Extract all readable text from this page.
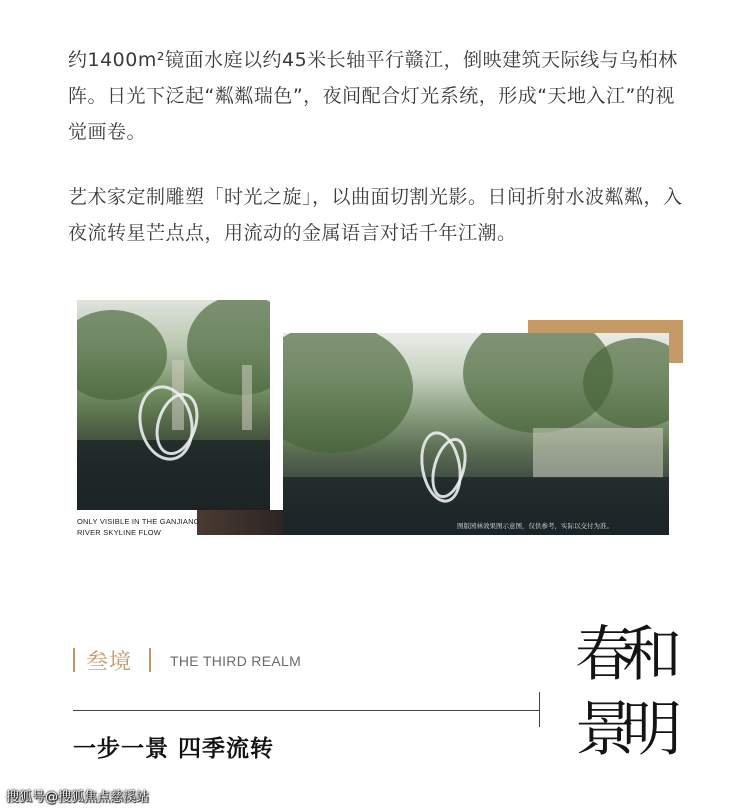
约1400m²镜面水庭以约45米长轴平行赣江，倒映建筑天际线与乌桕林阵。日光下泛起“粼粼瑞色”，夜间配合灯光系统，形成“天地入江”的视觉画卷。

艺术家定制雕塑「时光之旋」，以曲面切割光影。日间折射水波粼粼，入夜流转星芒点点，用流动的金属语言对话千年江潮。

ONLY VISIBLE IN THE GANJIANG RIVER SKYLINE FLOW
图版园林效果图示意图，仅供参考，实际以交付为准。
叁境	THE THIRD REALM
一步一景 四季流转
春
和
景
明
搜狐号@搜狐焦点慈溪站
